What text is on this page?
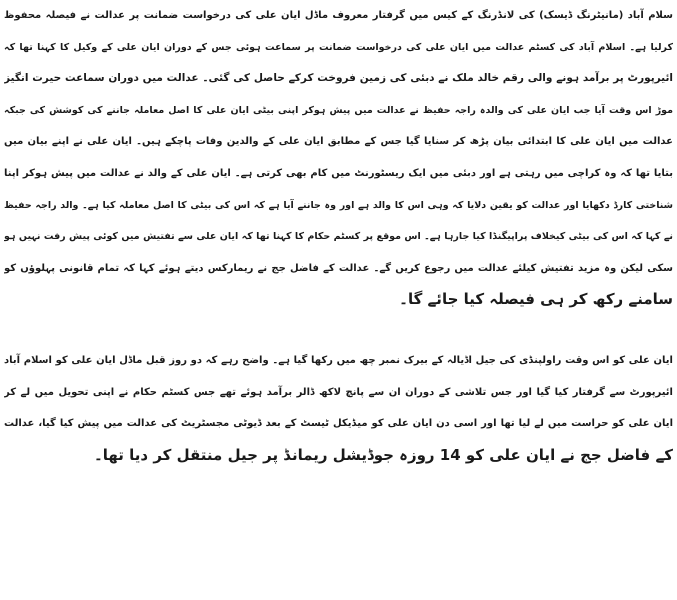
سلام آباد (مانیٹرنگ ڈیسک) کی لانڈرنگ کے کیس میں گرفتار معروف ماڈل ایان علی کی درخواست ضمانت پر عدالت نے فیصلہ محفوظ
کرلیا ہے۔ اسلام آباد کی کسٹم عدالت میں ایان علی کی درخواست ضمانت پر سماعت ہوئی جس کے دوران ایان علی کے وکیل کا کہنا تھا کہ
ائیرپورٹ پر برآمد ہونے والی رقم خالد ملک نے دبئی کی زمین فروخت کرکے حاصل کی گئی۔ عدالت میں دوران سماعت حیرت انگیز
موڑ اس وقت آیا جب ایان علی کی والدہ راجہ حفیظ نے عدالت میں پیش ہوکر اپنی بیٹی ایان علی کا اصل معاملہ جاننے کی کوشش کی جبکہ
عدالت میں ایان علی کا ابتدائی بیان پڑھ کر سنایا گیا جس کے مطابق ایان علی کے والدین وفات پاچکے ہیں۔ ایان علی نے اپنے بیان میں
بتایا تھا کہ وہ کراچی میں رہتی ہے اور دبئی میں ایک ریسٹورنٹ میں کام بھی کرتی ہے۔ ایان علی کے والد نے عدالت میں پیش ہوکر اپنا
شناختی کارڈ دکھایا اور عدالت کو یقین دلایا کہ وہی اس کا والد ہے اور وہ جاننے آیا ہے کہ اس کی بیٹی کا اصل معاملہ کیا ہے۔ والد راجہ حفیظ
نے کہا کہ اس کی بیٹی کیخلاف پراپیگنڈا کیا جارہا ہے۔ اس موقع پر کسٹم حکام کا کہنا تھا کہ ایان علی سے تفتیش میں کوئی پیش رفت نہیں ہو
سکی لیکن وہ مزید تفتیش کیلئے عدالت میں رجوع کریں گے۔ عدالت کے فاضل جج نے ریمارکس دیتے ہوئے کہا کہ تمام قانونی پہلوؤں کو
سامنے رکھ کر ہی فیصلہ کیا جائے گا۔
ایان علی کو اس وقت راولپنڈی کی جیل اڈیالہ کے بیرک نمبر چھ میں رکھا گیا ہے۔ واضح رہے کہ دو روز قبل ماڈل ایان علی کو اسلام آباد
ائیرپورٹ سے گرفتار کیا گیا اور جس تلاشی کے دوران ان سے پانچ لاکھ ڈالر برآمد ہوئے تھے جس کسٹم حکام نے اپنی تحویل میں لے کر
ایان علی کو حراست میں لے لیا تھا اور اسی دن ایان علی کو میڈیکل ٹیسٹ کے بعد ڈیوٹی مجسٹریٹ کی عدالت میں پیش کیا گیا، عدالت
کے فاضل جج نے ایان علی کو 14 روزہ جوڈیشل ریمانڈ پر جیل منتقل کر دیا تھا۔
